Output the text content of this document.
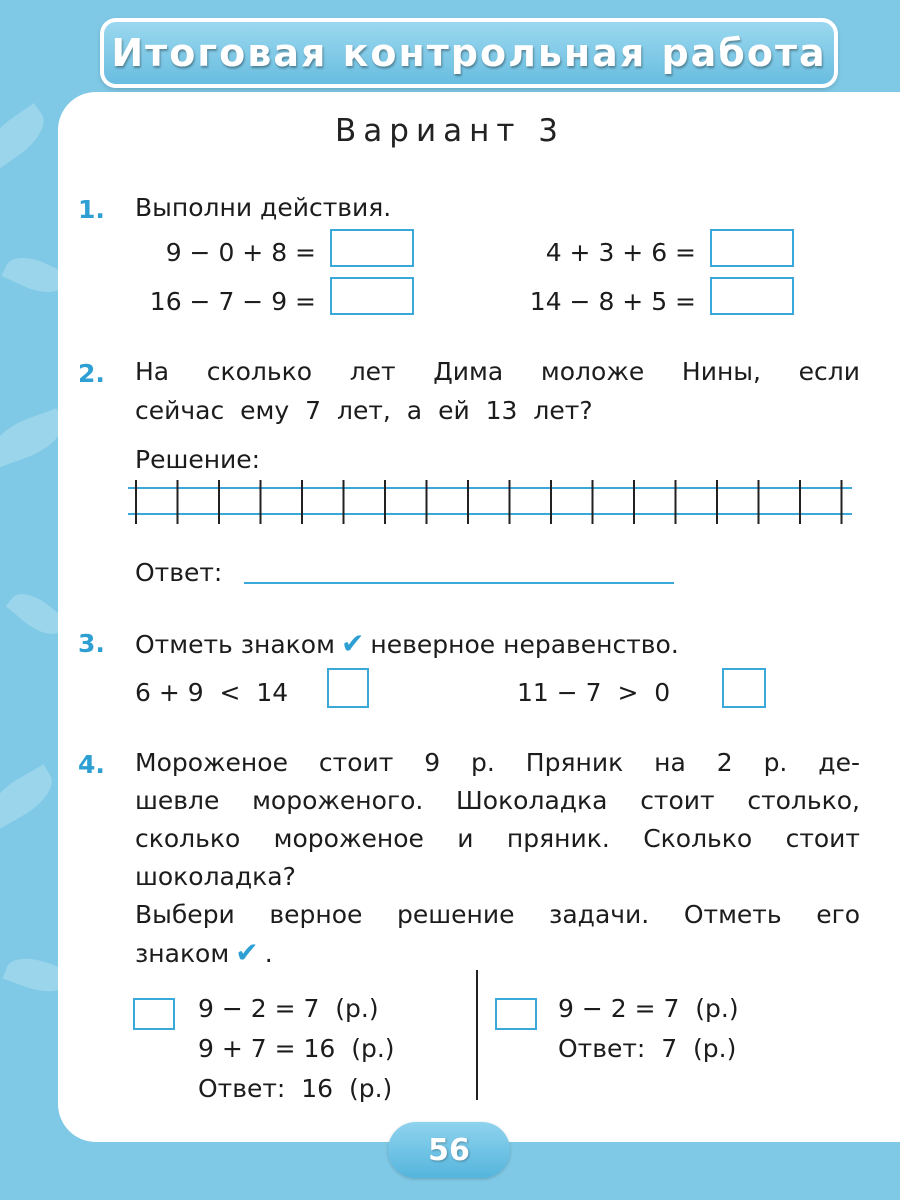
Итоговая контрольная работа
Вариант 3
1. Выполни действия.
9 − 0 + 8 =	4 + 3 + 6 =
16 − 7 − 9 =	14 − 8 + 5 =
2. На сколько лет Дима моложе Нины, если
сейчас ему 7 лет, а ей 13 лет?
Решение:
Ответ:
3. Отметь знаком ✔ неверное неравенство.
6 + 9  <  14	11 − 7  >  0
4. Мороженое стоит 9 р. Пряник на 2 р. де-
шевле мороженого. Шоколадка стоит столько,
сколько мороженое и пряник. Сколько стоит
шоколадка?
Выбери верное решение задачи. Отметь его
знаком ✔ .
9 − 2 = 7  (р.)
9 + 7 = 16  (р.)
Ответ:  16  (р.)
9 − 2 = 7  (р.)
Ответ:  7  (р.)
56
